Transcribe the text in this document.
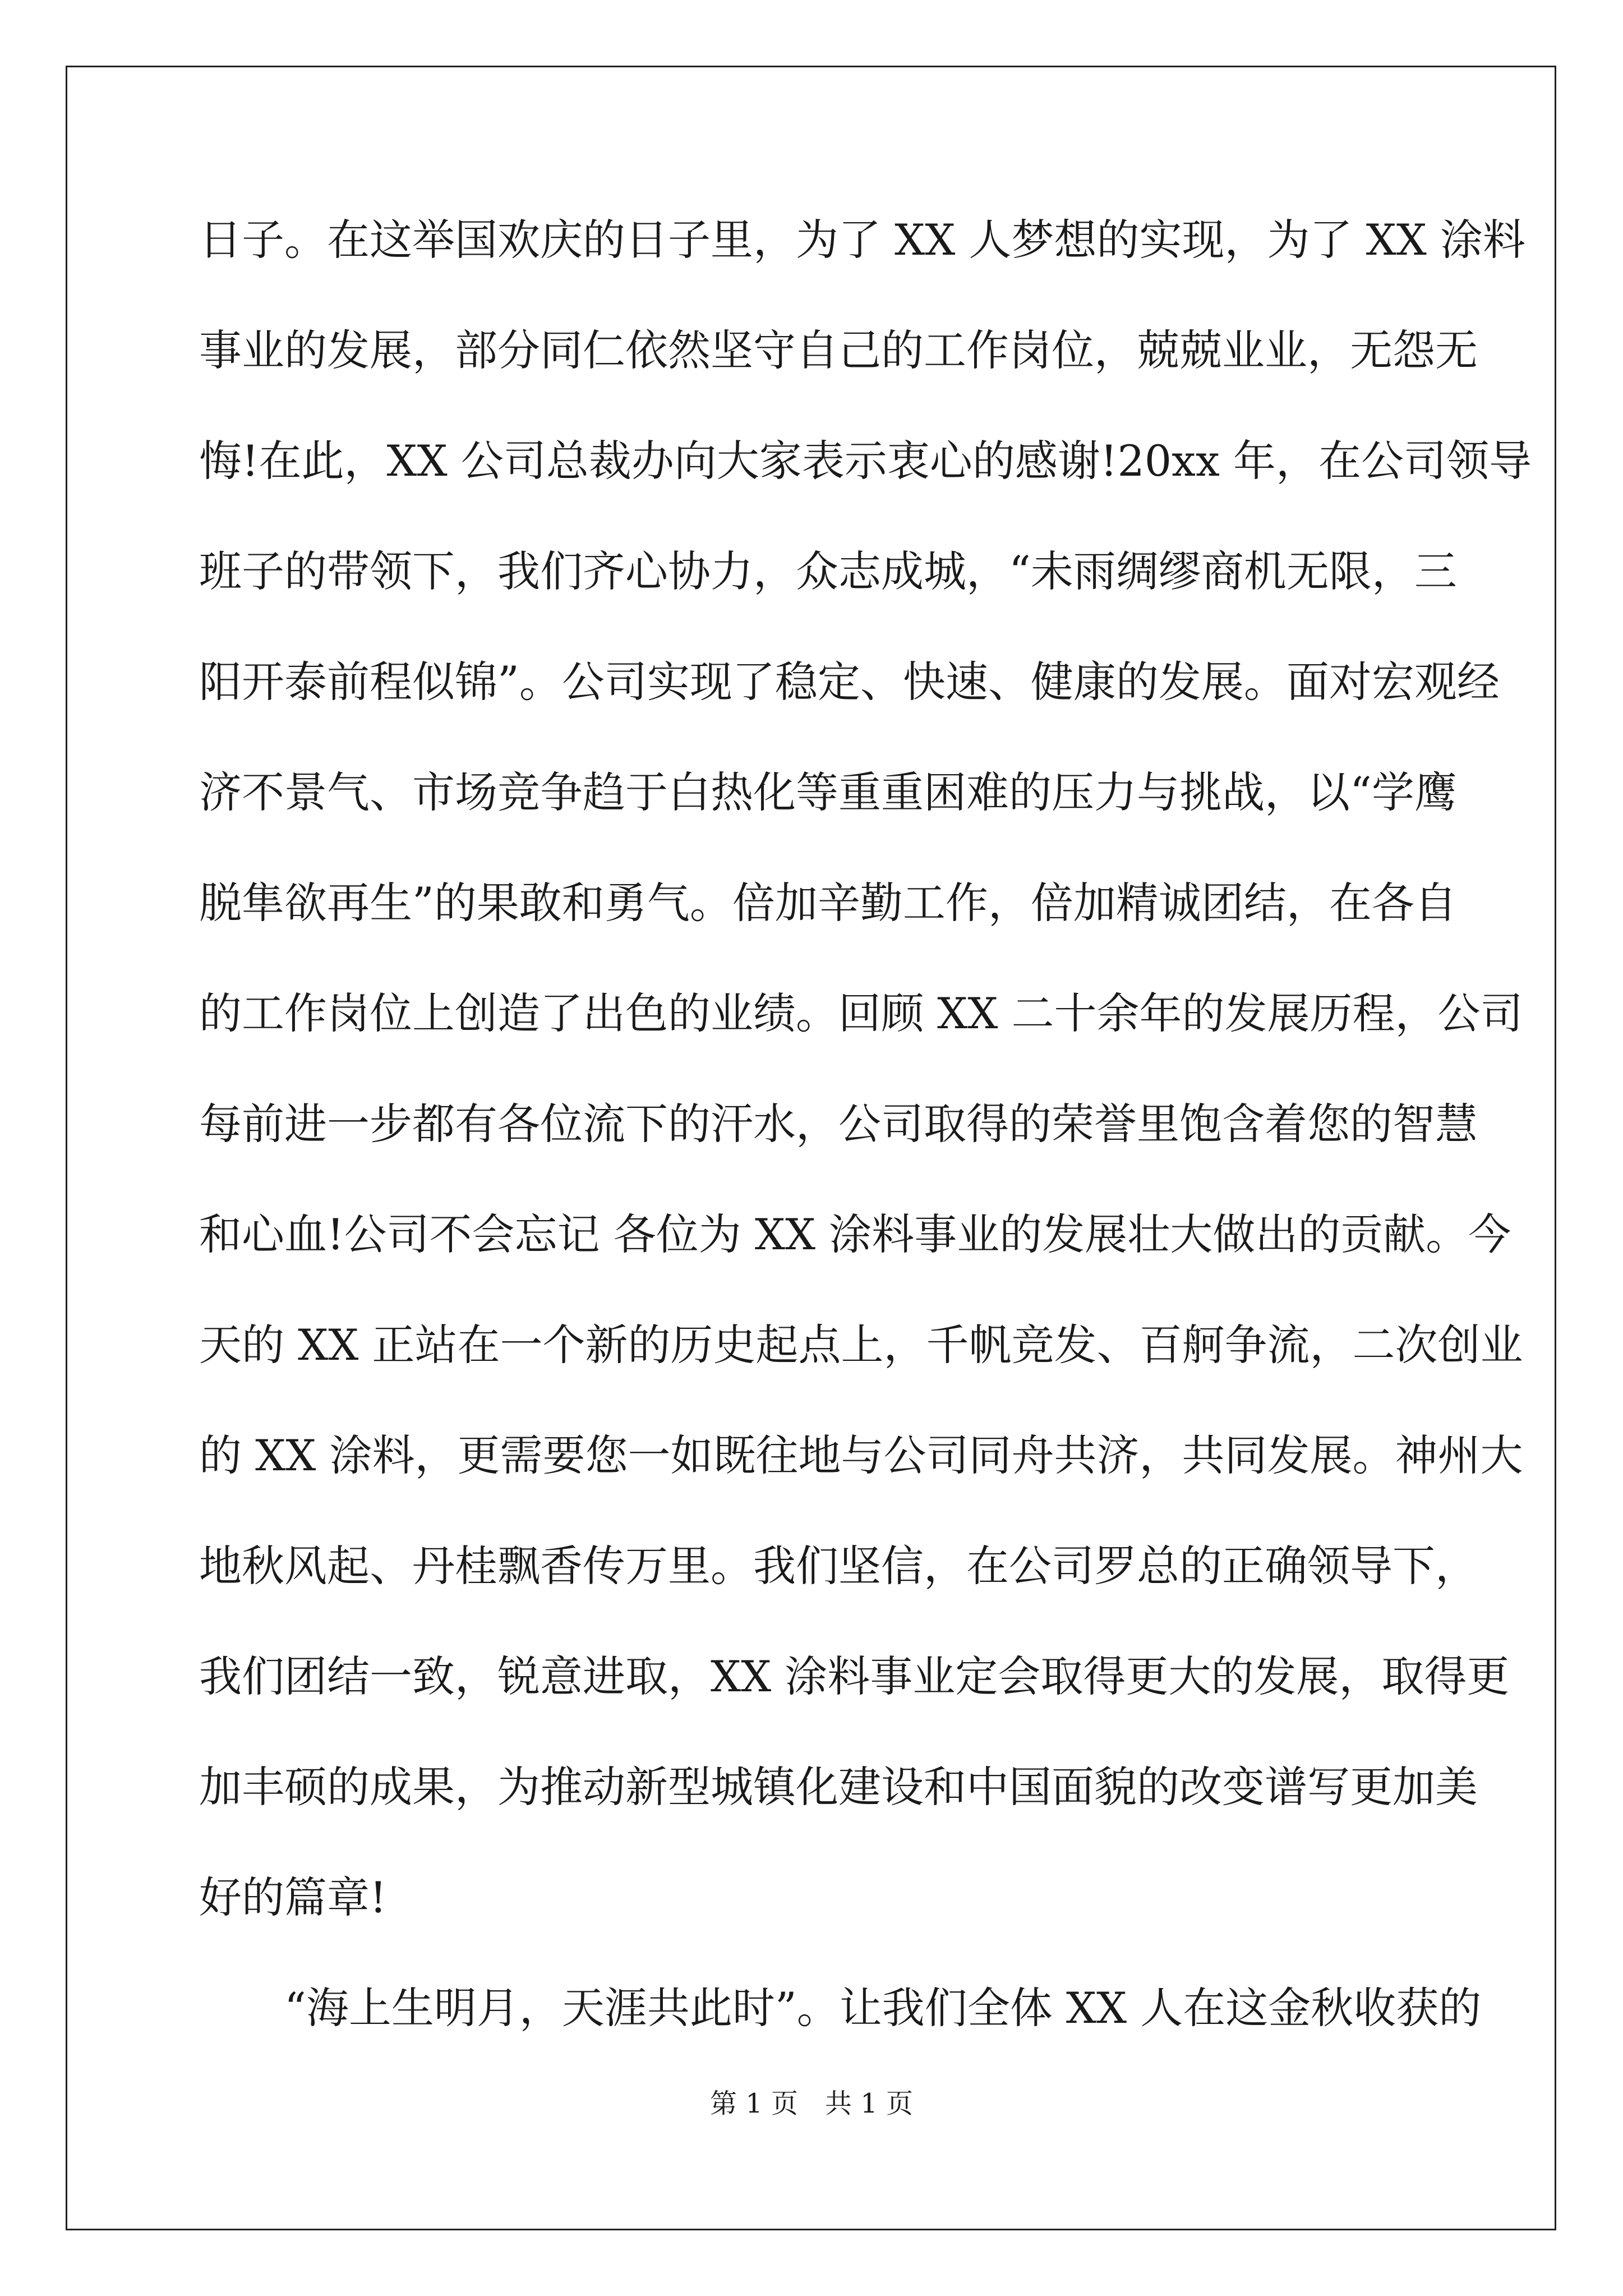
日子。在这举国欢庆的日子里，为了 XX 人梦想的实现，为了 XX 涂料
事业的发展，部分同仁依然坚守自己的工作岗位，兢兢业业，无怨无
悔!在此，XX 公司总裁办向大家表示衷心的感谢!20xx 年，在公司领导
班子的带领下，我们齐心协力，众志成城，“未雨绸缪商机无限，三
阳开泰前程似锦”。公司实现了稳定、快速、健康的发展。面对宏观经
济不景气、市场竞争趋于白热化等重重困难的压力与挑战，以“学鹰
脱隼欲再生”的果敢和勇气。倍加辛勤工作，倍加精诚团结，在各自
的工作岗位上创造了出色的业绩。回顾 XX 二十余年的发展历程，公司
每前进一步都有各位流下的汗水，公司取得的荣誉里饱含着您的智慧
和心血!公司不会忘记 各位为 XX 涂料事业的发展壮大做出的贡献。今
天的 XX 正站在一个新的历史起点上，千帆竞发、百舸争流，二次创业
的 XX 涂料，更需要您一如既往地与公司同舟共济，共同发展。神州大
地秋风起、丹桂飘香传万里。我们坚信，在公司罗总的正确领导下，
我们团结一致，锐意进取，XX 涂料事业定会取得更大的发展，取得更
加丰硕的成果，为推动新型城镇化建设和中国面貌的改变谱写更加美
好的篇章!
　　“海上生明月，天涯共此时”。让我们全体 XX 人在这金秋收获的
第 1 页　共 1 页
